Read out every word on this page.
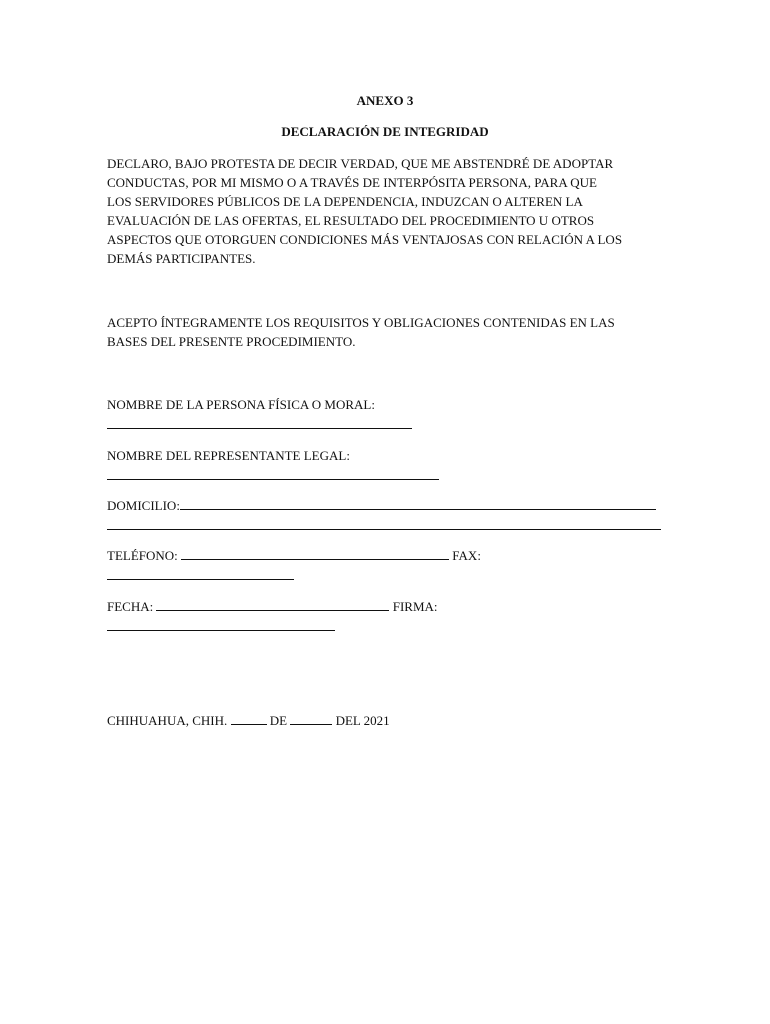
ANEXO 3
DECLARACIÓN DE INTEGRIDAD

DECLARO, BAJO PROTESTA DE DECIR VERDAD, QUE ME ABSTENDRÉ DE ADOPTAR

CONDUCTAS, POR MI MISMO O A TRAVÉS DE INTERPÓSITA PERSONA, PARA QUE

LOS SERVIDORES PÚBLICOS DE LA DEPENDENCIA, INDUZCAN O ALTEREN LA

EVALUACIÓN DE LAS OFERTAS, EL RESULTADO DEL PROCEDIMIENTO U OTROS

ASPECTOS QUE OTORGUEN CONDICIONES MÁS VENTAJOSAS CON RELACIÓN A LOS

DEMÁS PARTICIPANTES.

ACEPTO ÍNTEGRAMENTE LOS REQUISITOS Y OBLIGACIONES CONTENIDAS EN LAS

BASES DEL PRESENTE PROCEDIMIENTO.

NOMBRE DE LA PERSONA FÍSICA O MORAL:

NOMBRE DEL REPRESENTANTE LEGAL:

DOMICILIO:

TELÉFONO:	FAX:

FECHA:	FIRMA:

CHIHUAHUA, CHIH.	DE	DEL 2021
